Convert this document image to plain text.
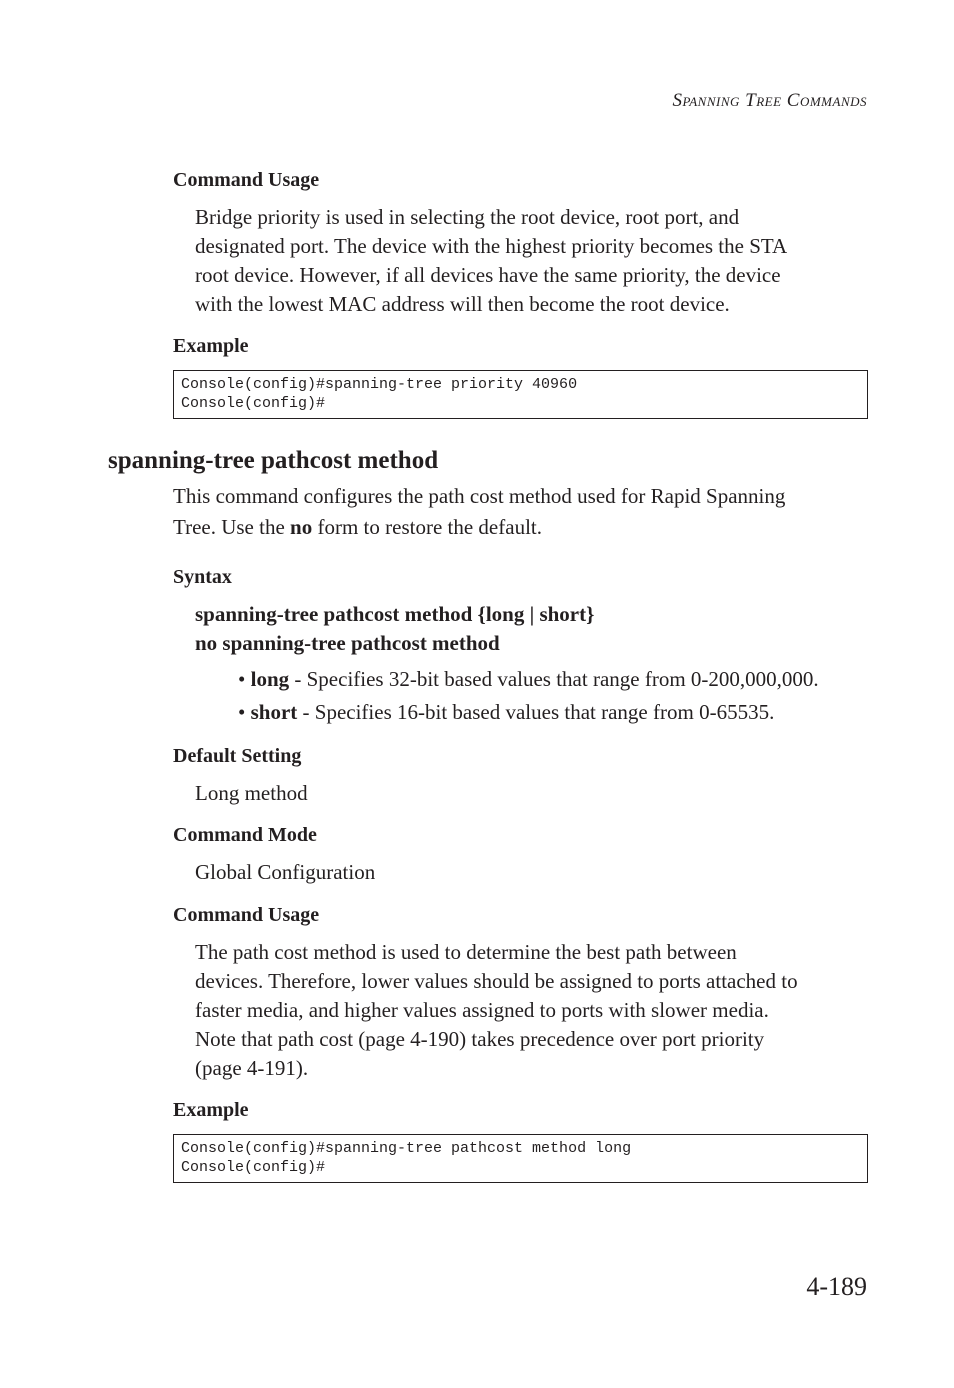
Spanning Tree Commands
Command Usage
Bridge priority is used in selecting the root device, root port, and
designated port. The device with the highest priority becomes the STA
root device. However, if all devices have the same priority, the device
with the lowest MAC address will then become the root device.
Example
Console(config)#spanning-tree priority 40960
Console(config)#
spanning-tree pathcost method
This command configures the path cost method used for Rapid Spanning
Tree. Use the no form to restore the default.
Syntax
spanning-tree pathcost method {long | short}
no spanning-tree pathcost method
• long - Specifies 32-bit based values that range from 0-200,000,000.
• short - Specifies 16-bit based values that range from 0-65535.
Default Setting
Long method
Command Mode
Global Configuration
Command Usage
The path cost method is used to determine the best path between
devices. Therefore, lower values should be assigned to ports attached to
faster media, and higher values assigned to ports with slower media.
Note that path cost (page 4-190) takes precedence over port priority
(page 4-191).
Example
Console(config)#spanning-tree pathcost method long
Console(config)#
4-189
